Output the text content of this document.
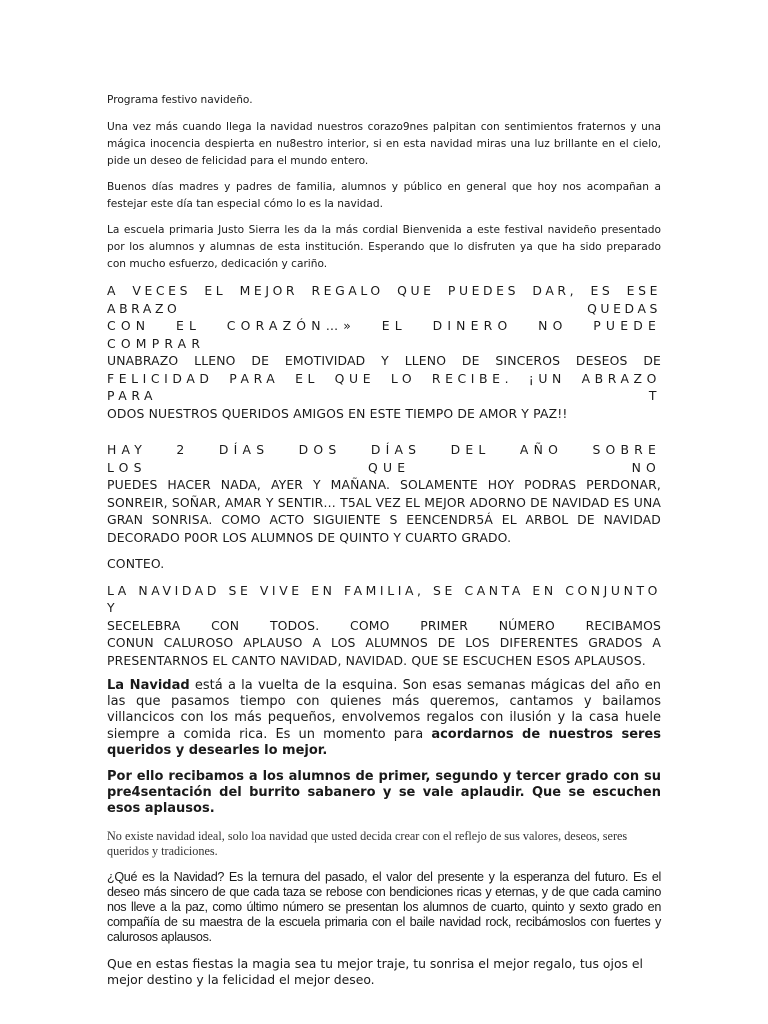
Programa festivo navideño.

Una vez más cuando llega la navidad nuestros corazo9nes palpitan con sentimientos fraternos y una mágica inocencia despierta en nu8estro interior, si en esta navidad miras una luz brillante en el cielo, pide un deseo de felicidad para el mundo entero.

Buenos días madres y padres de familia, alumnos y público en general que hoy nos acompañan a festejar este día tan especial cómo lo es la navidad.

La escuela primaria Justo Sierra les da la más cordial Bienvenida a este festival navideño presentado por los alumnos y alumnas de esta institución. Esperando que lo disfruten ya que ha sido preparado con mucho esfuerzo, dedicación y cariño.

A VECES EL MEJOR REGALO QUE PUEDES DAR, ES ESE ABRAZO QUEDAS

CON EL CORAZÓN…» EL DINERO NO PUEDE COMPRAR

UNABRAZO LLENO DE EMOTIVIDAD Y LLENO DE SINCEROS DESEOS DE

FELICIDAD PARA EL QUE LO RECIBE. ¡UN ABRAZO PARA T

ODOS NUESTROS QUERIDOS AMIGOS EN ESTE TIEMPO DE AMOR Y PAZ!!

HAY 2 DÍAS DOS DÍAS DEL AÑO SOBRE LOS QUE NO

PUEDES HACER NADA, AYER Y MAÑANA. SOLAMENTE HOY PODRAS PERDONAR, SONREIR, SOÑAR, AMAR Y SENTIR… T5AL VEZ EL MEJOR ADORNO DE NAVIDAD ES UNA GRAN SONRISA. COMO ACTO SIGUIENTE S EENCENDR5Á EL ARBOL DE NAVIDAD DECORADO P0OR LOS ALUMNOS DE QUINTO Y CUARTO GRADO.

CONTEO.

LA NAVIDAD SE VIVE EN FAMILIA, SE CANTA EN CONJUNTO Y

SECELEBRA CON TODOS. COMO PRIMER NÚMERO RECIBAMOS

CONUN CALUROSO APLAUSO A LOS ALUMNOS DE LOS DIFERENTES GRADOS A PRESENTARNOS EL CANTO NAVIDAD, NAVIDAD. QUE SE ESCUCHEN ESOS APLAUSOS.

La Navidad está a la vuelta de la esquina. Son esas semanas mágicas del año en las que pasamos tiempo con quienes más queremos, cantamos y bailamos villancicos con los más pequeños, envolvemos regalos con ilusión y la casa huele siempre a comida rica. Es un momento para acordarnos de nuestros seres queridos y desearles lo mejor.

Por ello recibamos a los alumnos de primer, segundo y tercer grado con su pre4sentación del burrito sabanero y se vale aplaudir. Que se escuchen esos aplausos.

No existe navidad ideal, solo loa navidad que usted decida crear con el reflejo de sus valores, deseos, seres queridos y tradiciones.

¿Qué es la Navidad? Es la ternura del pasado, el valor del presente y la esperanza del futuro. Es el deseo más sincero de que cada taza se rebose con bendiciones ricas y eternas, y de que cada camino nos lleve a la paz, como último número se presentan los alumnos de cuarto, quinto y sexto grado en compañía de su maestra de la escuela primaria con el baile navidad rock, recibámoslos con fuertes y calurosos aplausos.

Que en estas fiestas la magia sea tu mejor traje, tu sonrisa el mejor regalo, tus ojos el mejor destino y la felicidad el mejor deseo.
